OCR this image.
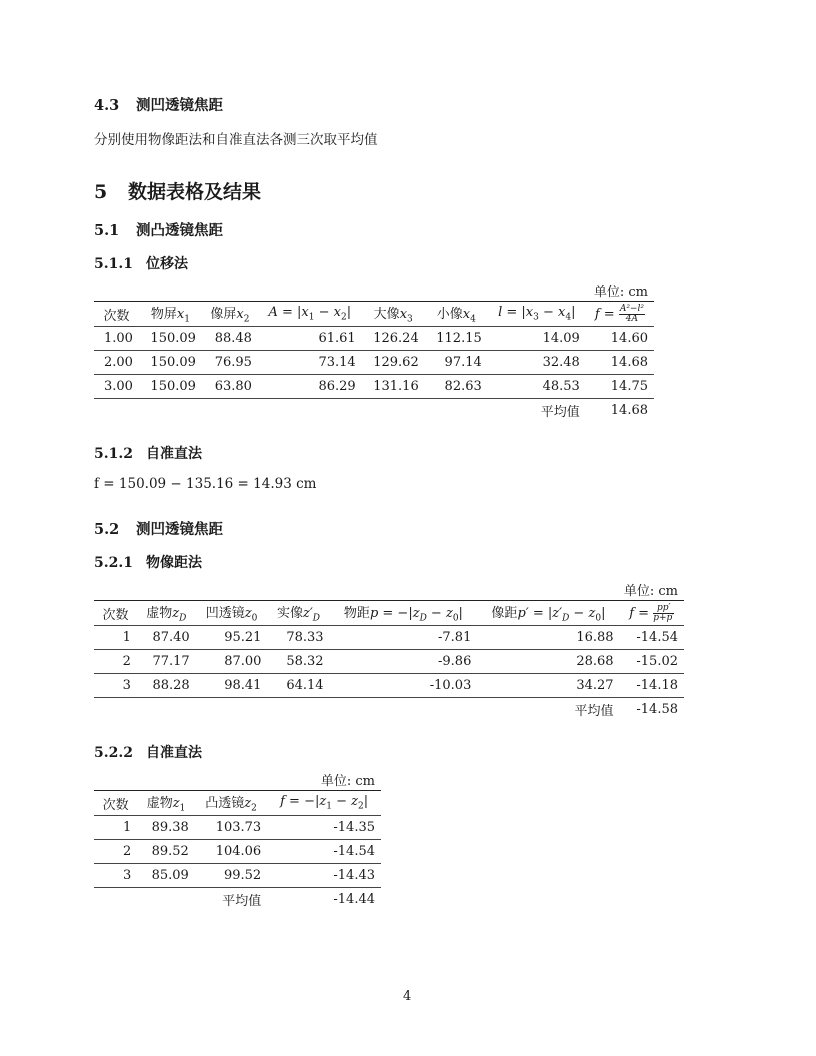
4.3 测凹透镜焦距
分别使用物像距法和自准直法各测三次取平均值
5 数据表格及结果
5.1 测凸透镜焦距
5.1.1 位移法
单位: cm							
次数	物屏$x_1$	像屏$x_2$	$A = |x_1 - x_2|$	大像$x_3$	小像$x_4$	$l = |x_3 - x_4|$	$f = \frac{\text{A²−l²}}{4A}$

1.00	150.09	88.48	61.61	126.24	112.15	14.09	14.60
2.00	150.09	76.95	73.14	129.62	97.14	32.48	14.68
3.00	150.09	63.80	86.29	131.16	82.63	48.53	14.75
						平均值	14.68
5.1.2 自准直法
f = 150.09 − 135.16 = 14.93 cm
5.2 测凹透镜焦距
5.2.1 物像距法
单位: cm						
次数	虚物$z_D$	凹透镜$z_0$	实像$z'_D$	物距$p = -|z_D - z_0|$	像距$p' = |z'_D - z_0|$	$f = \frac{pp'}{p+p'}$

1	87.40	95.21	78.33	-7.81	16.88	-14.54
2	77.17	87.00	58.32	-9.86	28.68	-15.02
3	88.28	98.41	64.14	-10.03	34.27	-14.18
					平均值	-14.58
5.2.2 自准直法
单位: cm			
次数	虚物$z_1$	凸透镜$z_2$	$f = -|z_1 - z_2|$
1	89.38	103.73	-14.35
2	89.52	104.06	-14.54
3	85.09	99.52	-14.43
		平均值	-14.44
4
